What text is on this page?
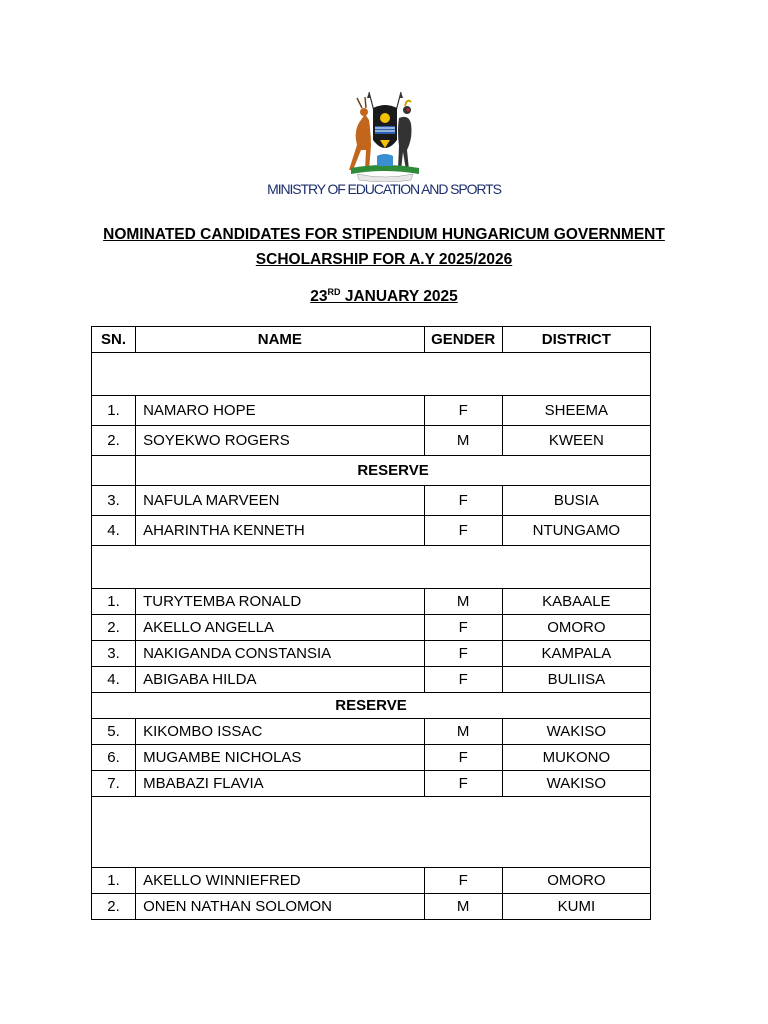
MINISTRY OF EDUCATION AND SPORTS
NOMINATED CANDIDATES FOR STIPENDIUM HUNGARICUM GOVERNMENT
SCHOLARSHIP FOR A.Y 2025/2026
23RD JANUARY 2025
SN.	NAME	GENDER	DISTRICT

1.	NAMARO HOPE	F	SHEEMA
2.	SOYEKWO ROGERS	M	KWEEN
	RESERVE		
3.	NAFULA MARVEEN	F	BUSIA
4.	AHARINTHA KENNETH	F	NTUNGAMO

1.	TURYTEMBA RONALD	M	KABAALE
2.	AKELLO ANGELLA	F	OMORO
3.	NAKIGANDA CONSTANSIA	F	KAMPALA
4.	ABIGABA HILDA	F	BULIISA
RESERVE			
5.	KIKOMBO ISSAC	M	WAKISO
6.	MUGAMBE NICHOLAS	F	MUKONO
7.	MBABAZI FLAVIA	F	WAKISO

1.	AKELLO WINNIEFRED	F	OMORO
2.	ONEN NATHAN SOLOMON	M	KUMI
